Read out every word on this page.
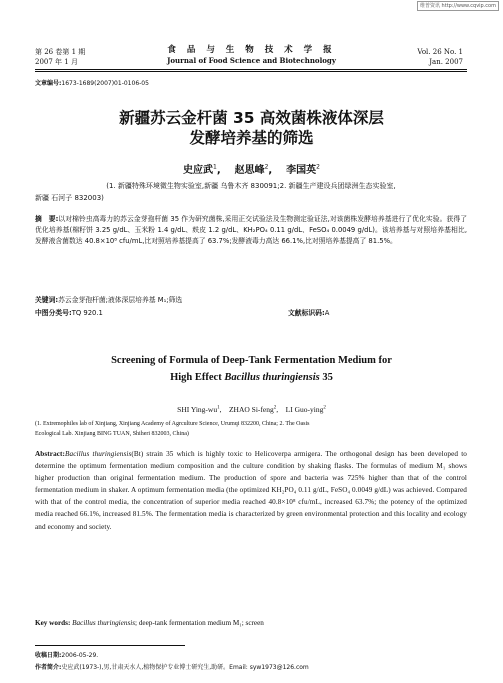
维普资讯 http://www.cqvip.com
第 26 卷第 1 期
2007 年 1 月
食 品 与 生 物 技 术 学 报
Journal of Food Science and Biotechnology
Vol. 26 No. 1
Jan. 2007
文章编号:1673-1689(2007)01-0106-05
新疆苏云金杆菌 35 高效菌株液体深层
发酵培养基的筛选
史应武$^1$,    赵思峰$^2$,    李国英$^2$
(1. 新疆特殊环境微生物实验室,新疆 乌鲁木齐 830091;2. 新疆生产建设兵团绿洲生态实验室,
新疆 石河子 832003)
摘　要:以对棉铃虫高毒力的苏云金芽孢杆菌 35 作为研究菌株,采用正交试验法及生物测定验证法,对该菌株发酵培养基进行了优化实验。获得了优化培养基(棉籽饼 3.25 g/dL、玉米粉 1.4 g/dL、麸皮 1.2 g/dL、KH₂PO₄ 0.11 g/dL、FeSO₄ 0.0049 g/dL)。该培养基与对照培养基相比,发酵液含菌数达 40.8×10⁸ cfu/mL,比对照培养基提高了 63.7%;发酵液毒力高达 66.1%,比对照培养基提高了 81.5%。
关键词:苏云金芽孢杆菌;液体深层培养基 M₁;筛选
中图分类号:TQ 920.1	文献标识码:A
Screening of Formula of Deep-Tank Fermentation Medium for
High Effect Bacillus thuringiensis 35
SHI Ying-$wu^1$,    ZHAO Si-feng$^2$,    LI Guo-ying$^2$
(1. Extremophiles lab of Xinjiang, Xinjiang Academy of Agrculture Science, Urumqi 832200, China; 2. The Oasis
Ecological Lab. Xinjiang BING TUAN, Shiheri 832003, China)
Abstract:Bacillus thuringiensis(Bt) strain 35 which is highly toxic to Helicoverpa armigera. The orthogonal design has been developed to determine the optimum fermentation medium composition and the culture condition by shaking flasks. The formulas of medium M₁ shows higher production than original fermentation medium. The production of spore and bacteria was 725% higher than that of the control fermentation medium in shaker. A optimum fermentation media (the optimized KH₂PO₄ 0.11 g/dL, FeSO₄ 0.0049 g/dL) was achieved. Compared with that of the control media, the concentration of superior media reached 40.8×10⁸ cfu/mL, increased 63.7%; the potency of the optimized media reached 66.1%, increased 81.5%. The fermentation media is characterized by green environmental protection and this locality and ecology and economy and society.
Key words: Bacillus thuringiensis; deep-tank fermentation medium M₁; screen
收稿日期:2006-05-29.
作者简介:史应武(1973-),男,甘肃天水人,植物保护专业博士研究生,助研。Email: syw1973@126.com
